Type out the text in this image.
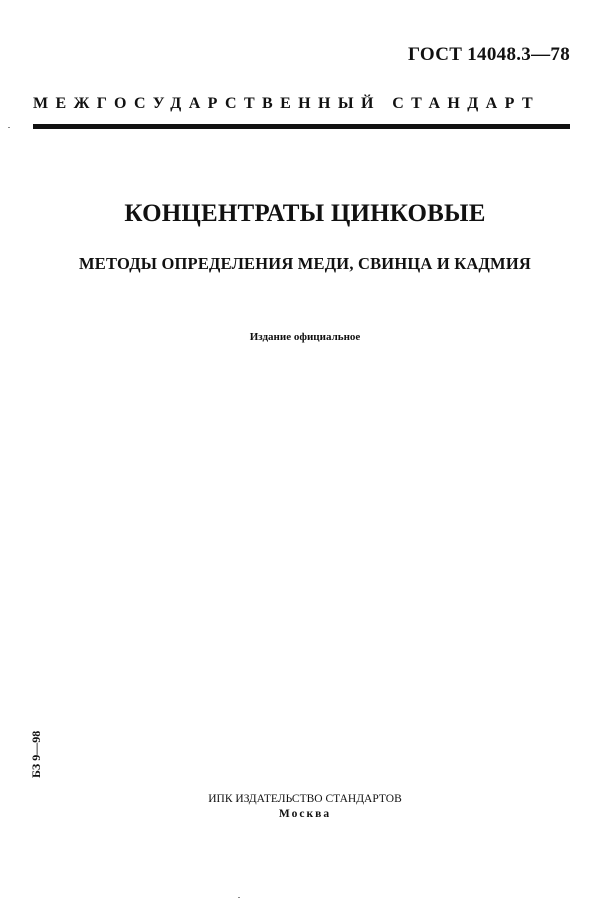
ГОСТ 14048.3—78
МЕЖГОСУДАРСТВЕННЫЙ СТАНДАРТ
КОНЦЕНТРАТЫ ЦИНКОВЫЕ
МЕТОДЫ ОПРЕДЕЛЕНИЯ МЕДИ, СВИНЦА И КАДМИЯ
Издание официальное
БЗ 9—98
ИПК ИЗДАТЕЛЬСТВО СТАНДАРТОВ
Москва
